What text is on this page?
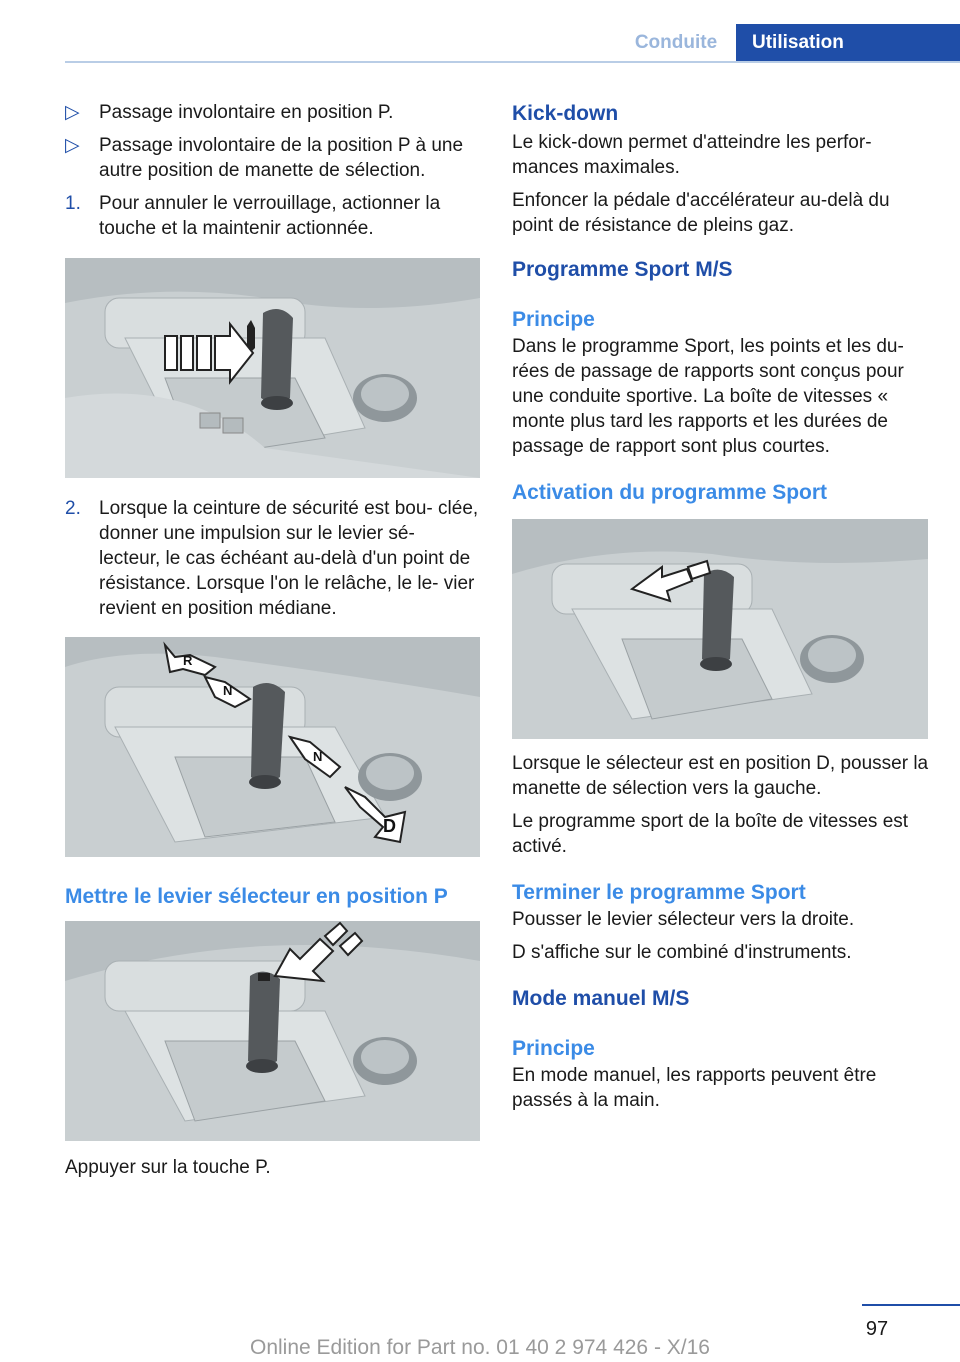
Conduite	Utilisation
▷	Passage involontaire en position P.
▷	Passage involontaire de la position P à une autre position de manette de sélection.
1. Pour annuler le verrouillage, actionner la touche et la maintenir actionnée.
2. Lorsque la ceinture de sécurité est bou‐ clée, donner une impulsion sur le levier sé‐ lecteur, le cas échéant au-delà d'un point de résistance. Lorsque l'on le relâche, le le‐ vier revient en position médiane.
R
N
N
D
Mettre le levier sélecteur en position P

Appuyer sur la touche P.

Kick-down

Le kick-down permet d'atteindre les perfor‐ mances maximales.

Enfoncer la pédale d'accélérateur au-delà du point de résistance de pleins gaz.

Programme Sport M/S
Principe

Dans le programme Sport, les points et les du‐ rées de passage de rapports sont conçus pour une conduite sportive. La boîte de vitesses « monte plus tard les rapports et les durées de passage de rapport sont plus courtes.

Activation du programme Sport

Lorsque le sélecteur est en position D, pousser la manette de sélection vers la gauche.

Le programme sport de la boîte de vitesses est activé.

Terminer le programme Sport

Pousser le levier sélecteur vers la droite.

D s'affiche sur le combiné d'instruments.

Mode manuel M/S
Principe

En mode manuel, les rapports peuvent être passés à la main.

97
Online Edition for Part no. 01 40 2 974 426 - X/16
